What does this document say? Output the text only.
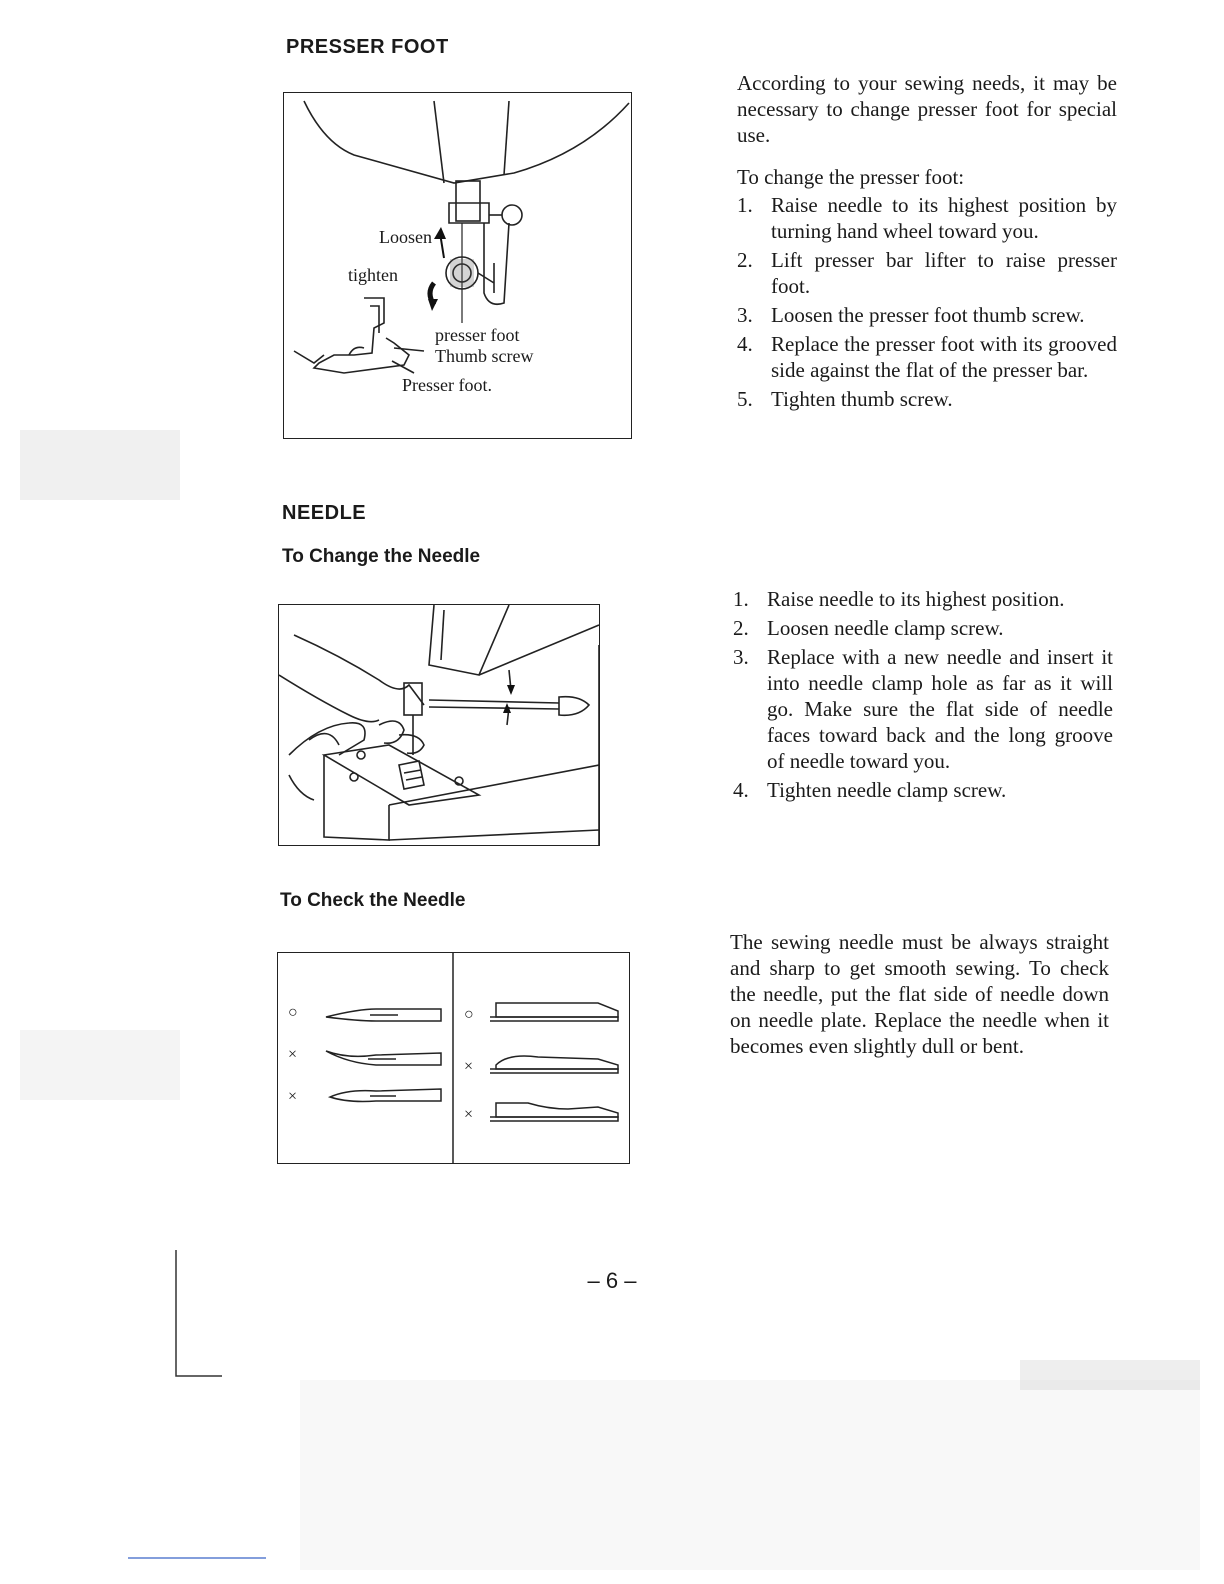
PRESSER FOOT
Loosen
tighten
presser foot
Thumb screw
Presser foot.

According to your sewing needs, it may be necessary to change presser foot for special use.

To change the presser foot:

1. Raise needle to its highest position by turning hand wheel toward you.
2. Lift presser bar lifter to raise presser foot.
3. Loosen the presser foot thumb screw.
4. Replace the presser foot with its grooved side against the flat of the presser bar.
5. Tighten thumb screw.
NEEDLE
To Change the Needle
1. Raise needle to its highest position.
2. Loosen needle clamp screw.
3. Replace with a new needle and insert it into needle clamp hole as far as it will go. Make sure the flat side of needle faces toward back and the long groove of needle toward you.
4. Tighten needle clamp screw.
To Check the Needle
○
×
×
○
×
×

The sewing needle must be always straight and sharp to get smooth sewing. To check the needle, put the flat side of needle down on needle plate. Replace the needle when it becomes even slightly dull or bent.

– 6 –
